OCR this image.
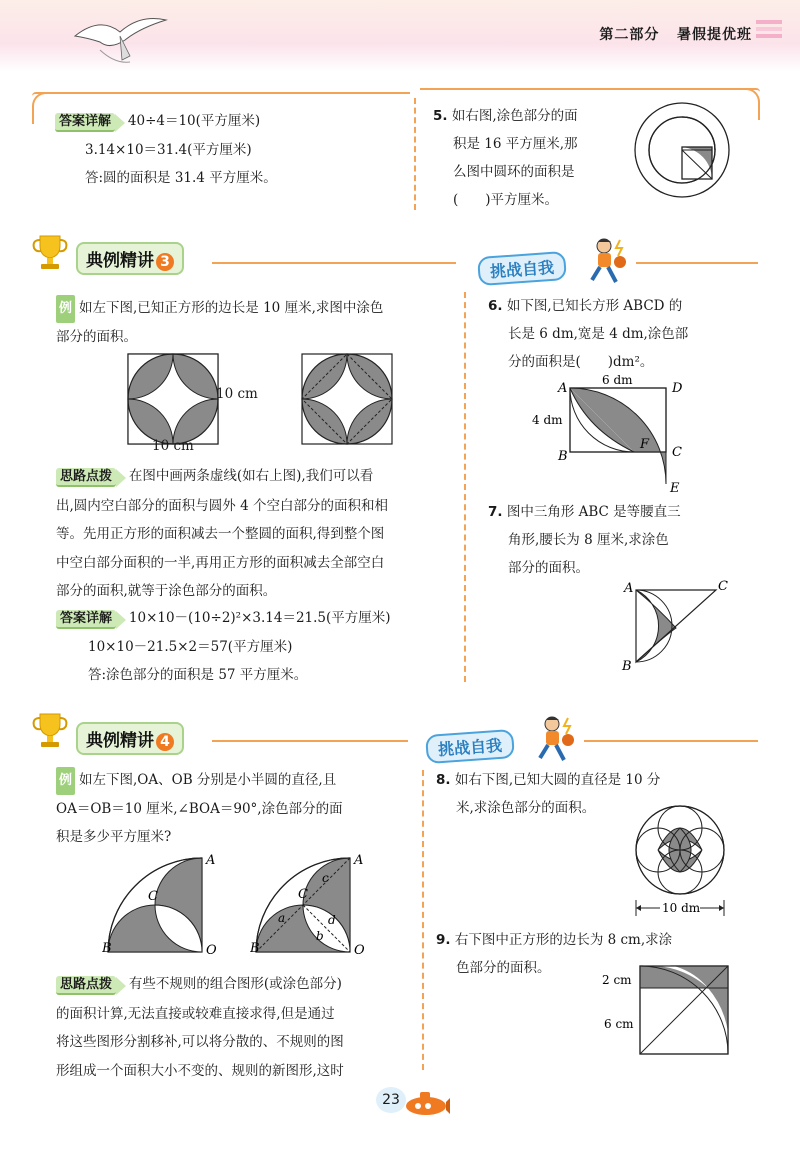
第二部分 暑假提优班
答案详解 40÷4＝10(平方厘米)
3.14×10＝31.4(平方厘米)
答:圆的面积是 31.4 平方厘米。
5. 如右图,涂色部分的面
积是 16 平方厘米,那
么图中圆环的面积是
(　　)平方厘米。
典例精讲 3	挑战自我
例 如左下图,已知正方形的边长是 10 厘米,求图中涂色
部分的面积。
10 cm
10 cm
思路点拨 在图中画两条虚线(如右上图),我们可以看
出,圆内空白部分的面积与圆外 4 个空白部分的面积和相
等。先用正方形的面积减去一个整圆的面积,得到整个图
中空白部分面积的一半,再用正方形的面积减去全部空白
部分的面积,就等于涂色部分的面积。
答案详解 10×10－(10÷2)²×3.14＝21.5(平方厘米)
10×10－21.5×2＝57(平方厘米)
答:涂色部分的面积是 57 平方厘米。
6. 如下图,已知长方形 ABCD 的
长是 6 dm,宽是 4 dm,涂色部
分的面积是(　　)dm²。
A	D
B	C
F
E
6 dm
4 dm
7. 图中三角形 ABC 是等腰直三
角形,腰长为 8 厘米,求涂色
部分的面积。
A	C
B
典例精讲 4	挑战自我
例 如左下图,OA、OB 分别是小半圆的直径,且
OA＝OB＝10 厘米,∠BOA＝90°,涂色部分的面
积是多少平方厘米?
A
B
C
O
A
B
C
O
a
b
c
d
思路点拨 有些不规则的组合图形(或涂色部分)
的面积计算,无法直接或较难直接求得,但是通过
将这些图形分割移补,可以将分散的、不规则的图
形组成一个面积大小不变的、规则的新图形,这时
8. 如右下图,已知大圆的直径是 10 分
米,求涂色部分的面积。
10 dm
9. 右下图中正方形的边长为 8 cm,求涂
色部分的面积。
2 cm
6 cm
23
